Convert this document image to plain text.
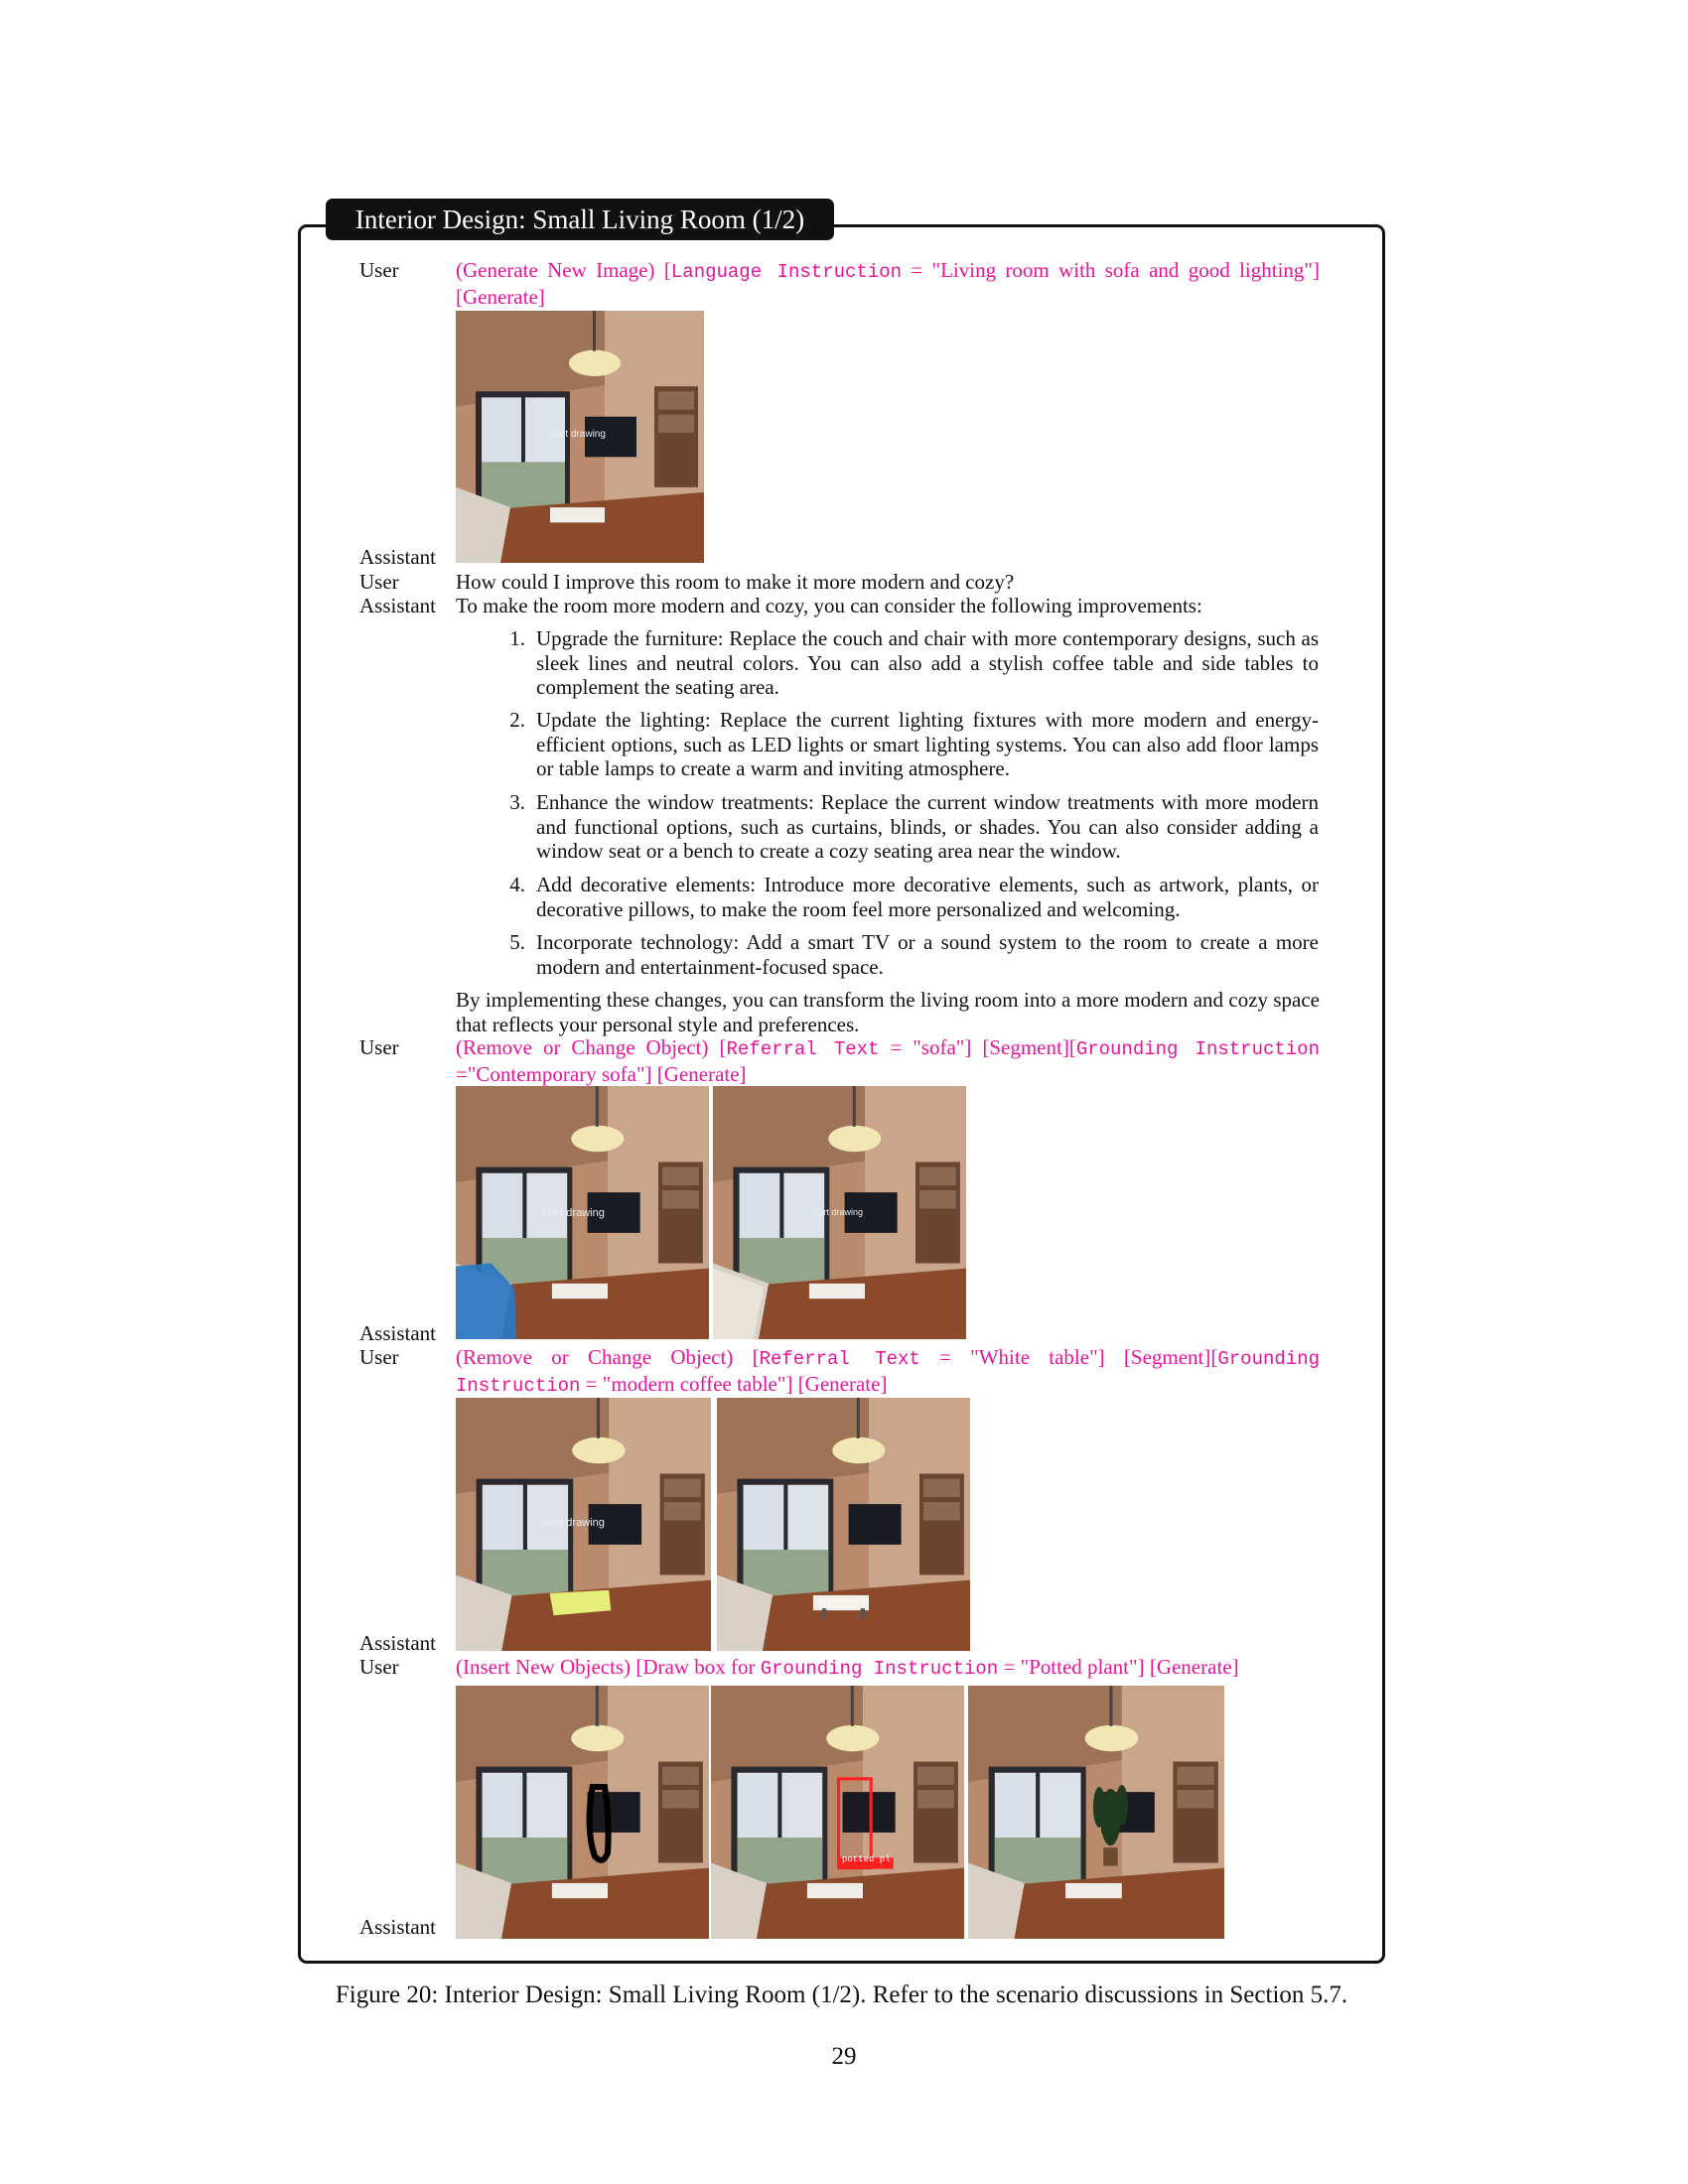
Interior Design: Small Living Room (1/2)
User	(Generate New Image) [Language Instruction = "Living room with sofa and good lighting"][Generate]
Start drawing
Assistant
User	How could I improve this room to make it more modern and cozy?
Assistant To make the room more modern and cozy, you can consider the following improvements:
1. Upgrade the furniture: Replace the couch and chair with more contemporary designs, such as sleek lines and neutral colors. You can also add a stylish coffee table and side tables to complement the seating area.
2. Update the lighting: Replace the current lighting fixtures with more modern and energy-efficient options, such as LED lights or smart lighting systems. You can also add floor lamps or table lamps to create a warm and inviting atmosphere.
3. Enhance the window treatments: Replace the current window treatments with more modern and functional options, such as curtains, blinds, or shades. You can also consider adding a window seat or a bench to create a cozy seating area near the window.
4. Add decorative elements: Introduce more decorative elements, such as artwork, plants, or decorative pillows, to make the room feel more personalized and welcoming.
5. Incorporate technology: Add a smart TV or a sound system to the room to create a more modern and entertainment-focused space.
By implementing these changes, you can transform the living room into a more modern and cozy space that reflects your personal style and preferences.
User	(Remove or Change Object) [Referral Text = "sofa"] [Segment][Grounding Instruction ="Contemporary sofa"] [Generate]
Start drawing	Start drawing
Assistant
User	(Remove or Change Object) [Referral Text = "White table"] [Segment][Grounding Instruction = "modern coffee table"] [Generate]
Start drawing
Assistant
User	(Insert New Objects) [Draw box for Grounding Instruction = "Potted plant"] [Generate]
potted pl
Assistant
Figure 20: Interior Design: Small Living Room (1/2). Refer to the scenario discussions in Section 5.7.
29
